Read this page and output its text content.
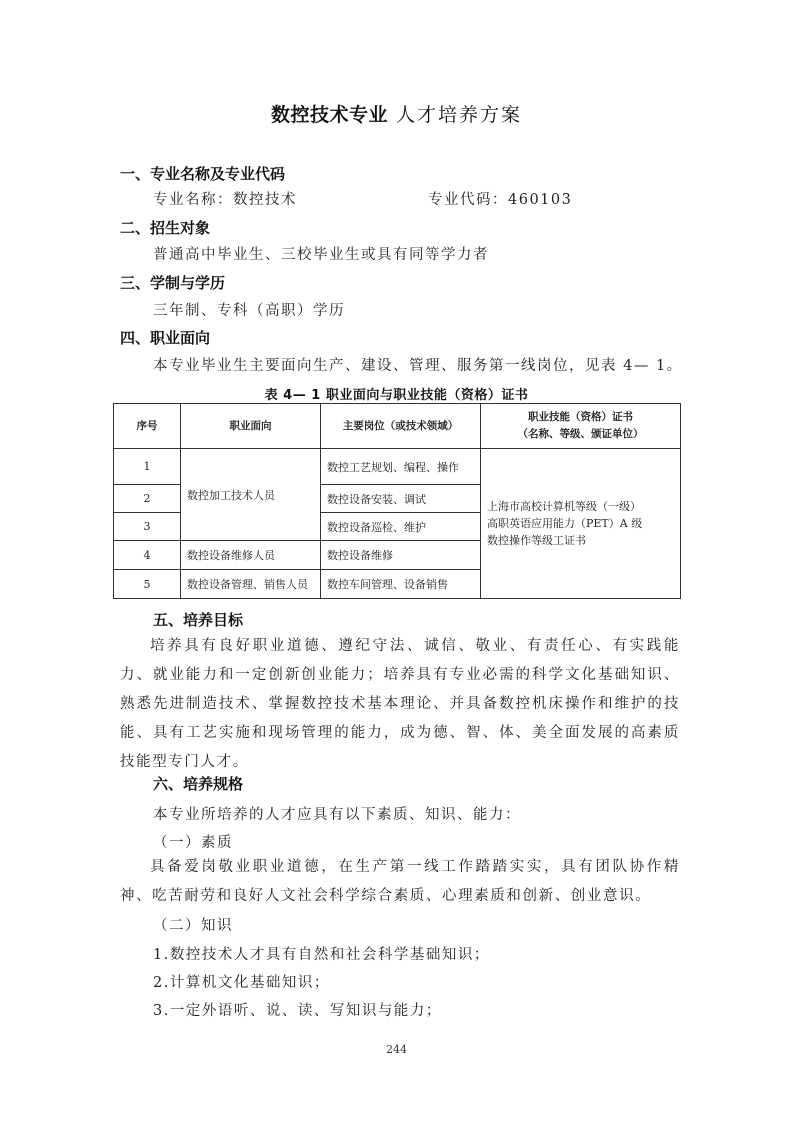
数控技术专业 人才培养方案
一、专业名称及专业代码
专业名称：数控技术	专业代码：460103
二、招生对象
普通高中毕业生、三校毕业生或具有同等学力者
三、学制与学历
三年制、专科（高职）学历
四、职业面向
本专业毕业生主要面向生产、建设、管理、服务第一线岗位，见表 4— 1。
表 4— 1 职业面向与职业技能（资格）证书
序号	职业面向	主要岗位（或技术领域）	职业技能（资格）证书
（名称、等级、颁证单位）

1	数控加工技术人员	数控工艺规划、编程、操作	上海市高校计算机等级（一级）
高职英语应用能力（PET）A 级
数控操作等级工证书

2		数控设备安装、调试	
3		数控设备巡检、维护	
4	数控设备维修人员	数控设备维修	
5	数控设备管理、销售人员	数控车间管理、设备销售	
五、培养目标
培养具有良好职业道德、遵纪守法、诚信、敬业、有责任心、有实践能力、就业能力和一定创新创业能力；培养具有专业必需的科学文化基础知识、熟悉先进制造技术、掌握数控技术基本理论、并具备数控机床操作和维护的技能、具有工艺实施和现场管理的能力，成为德、智、体、美全面发展的高素质技能型专门人才。
六、培养规格
本专业所培养的人才应具有以下素质、知识、能力：
（一）素质
具备爱岗敬业职业道德，在生产第一线工作踏踏实实，具有团队协作精神、吃苦耐劳和良好人文社会科学综合素质、心理素质和创新、创业意识。
（二）知识
1.数控技术人才具有自然和社会科学基础知识；
2.计算机文化基础知识；
3.一定外语听、说、读、写知识与能力；
244
